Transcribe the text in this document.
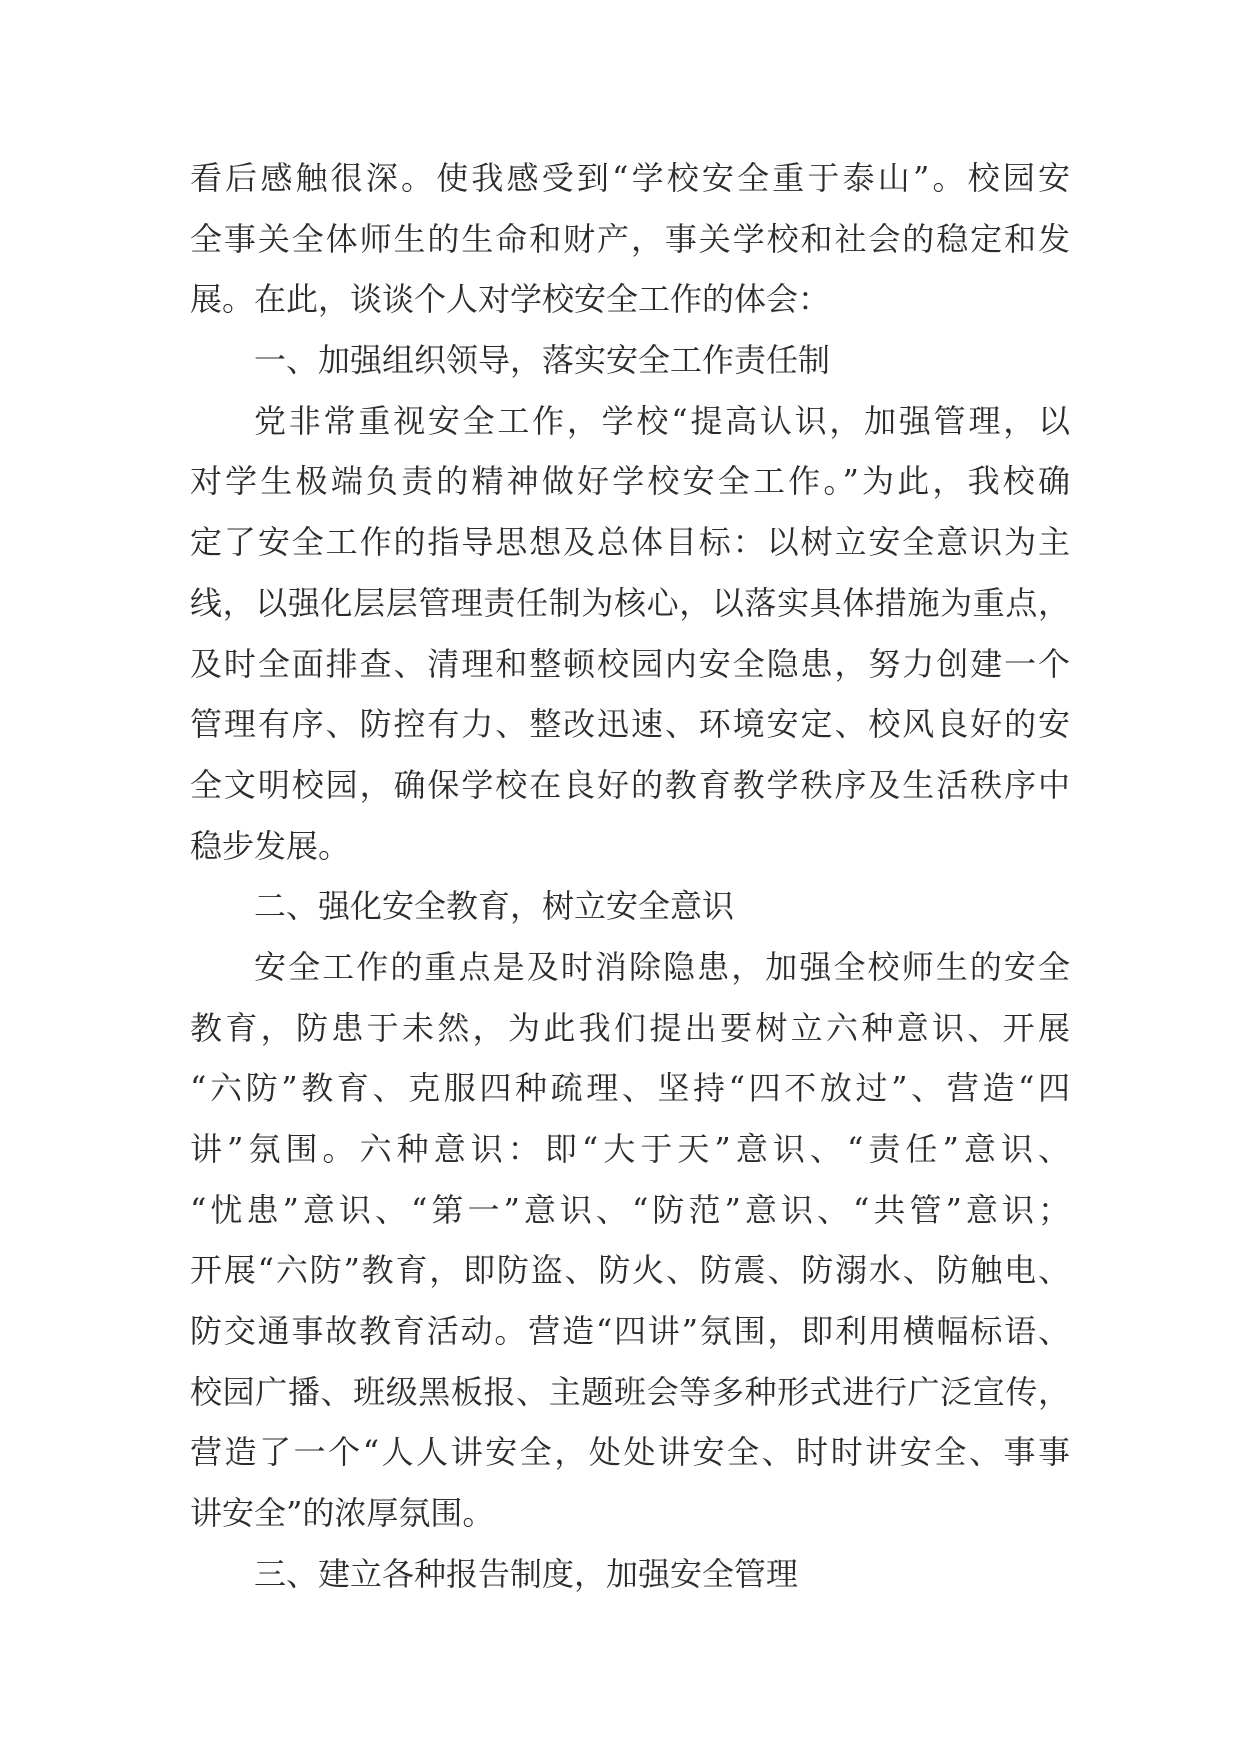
看后感触很深。使我感受到“学校安全重于泰山”。校园安
全事关全体师生的生命和财产，事关学校和社会的稳定和发
展。在此，谈谈个人对学校安全工作的体会：
一、加强组织领导，落实安全工作责任制
党非常重视安全工作，学校“提高认识，加强管理，以
对学生极端负责的精神做好学校安全工作。”为此，我校确
定了安全工作的指导思想及总体目标：以树立安全意识为主
线，以强化层层管理责任制为核心，以落实具体措施为重点，
及时全面排查、清理和整顿校园内安全隐患，努力创建一个
管理有序、防控有力、整改迅速、环境安定、校风良好的安
全文明校园，确保学校在良好的教育教学秩序及生活秩序中
稳步发展。
二、强化安全教育，树立安全意识
安全工作的重点是及时消除隐患，加强全校师生的安全
教育，防患于未然，为此我们提出要树立六种意识、开展
“六防”教育、克服四种疏理、坚持“四不放过”、营造“四
讲”氛围。六种意识：即“大于天”意识、“责任”意识、
“忧患”意识、“第一”意识、“防范”意识、“共管”意识；
开展“六防”教育，即防盗、防火、防震、防溺水、防触电、
防交通事故教育活动。营造“四讲”氛围，即利用横幅标语、
校园广播、班级黑板报、主题班会等多种形式进行广泛宣传，
营造了一个“人人讲安全，处处讲安全、时时讲安全、事事
讲安全”的浓厚氛围。
三、建立各种报告制度，加强安全管理
